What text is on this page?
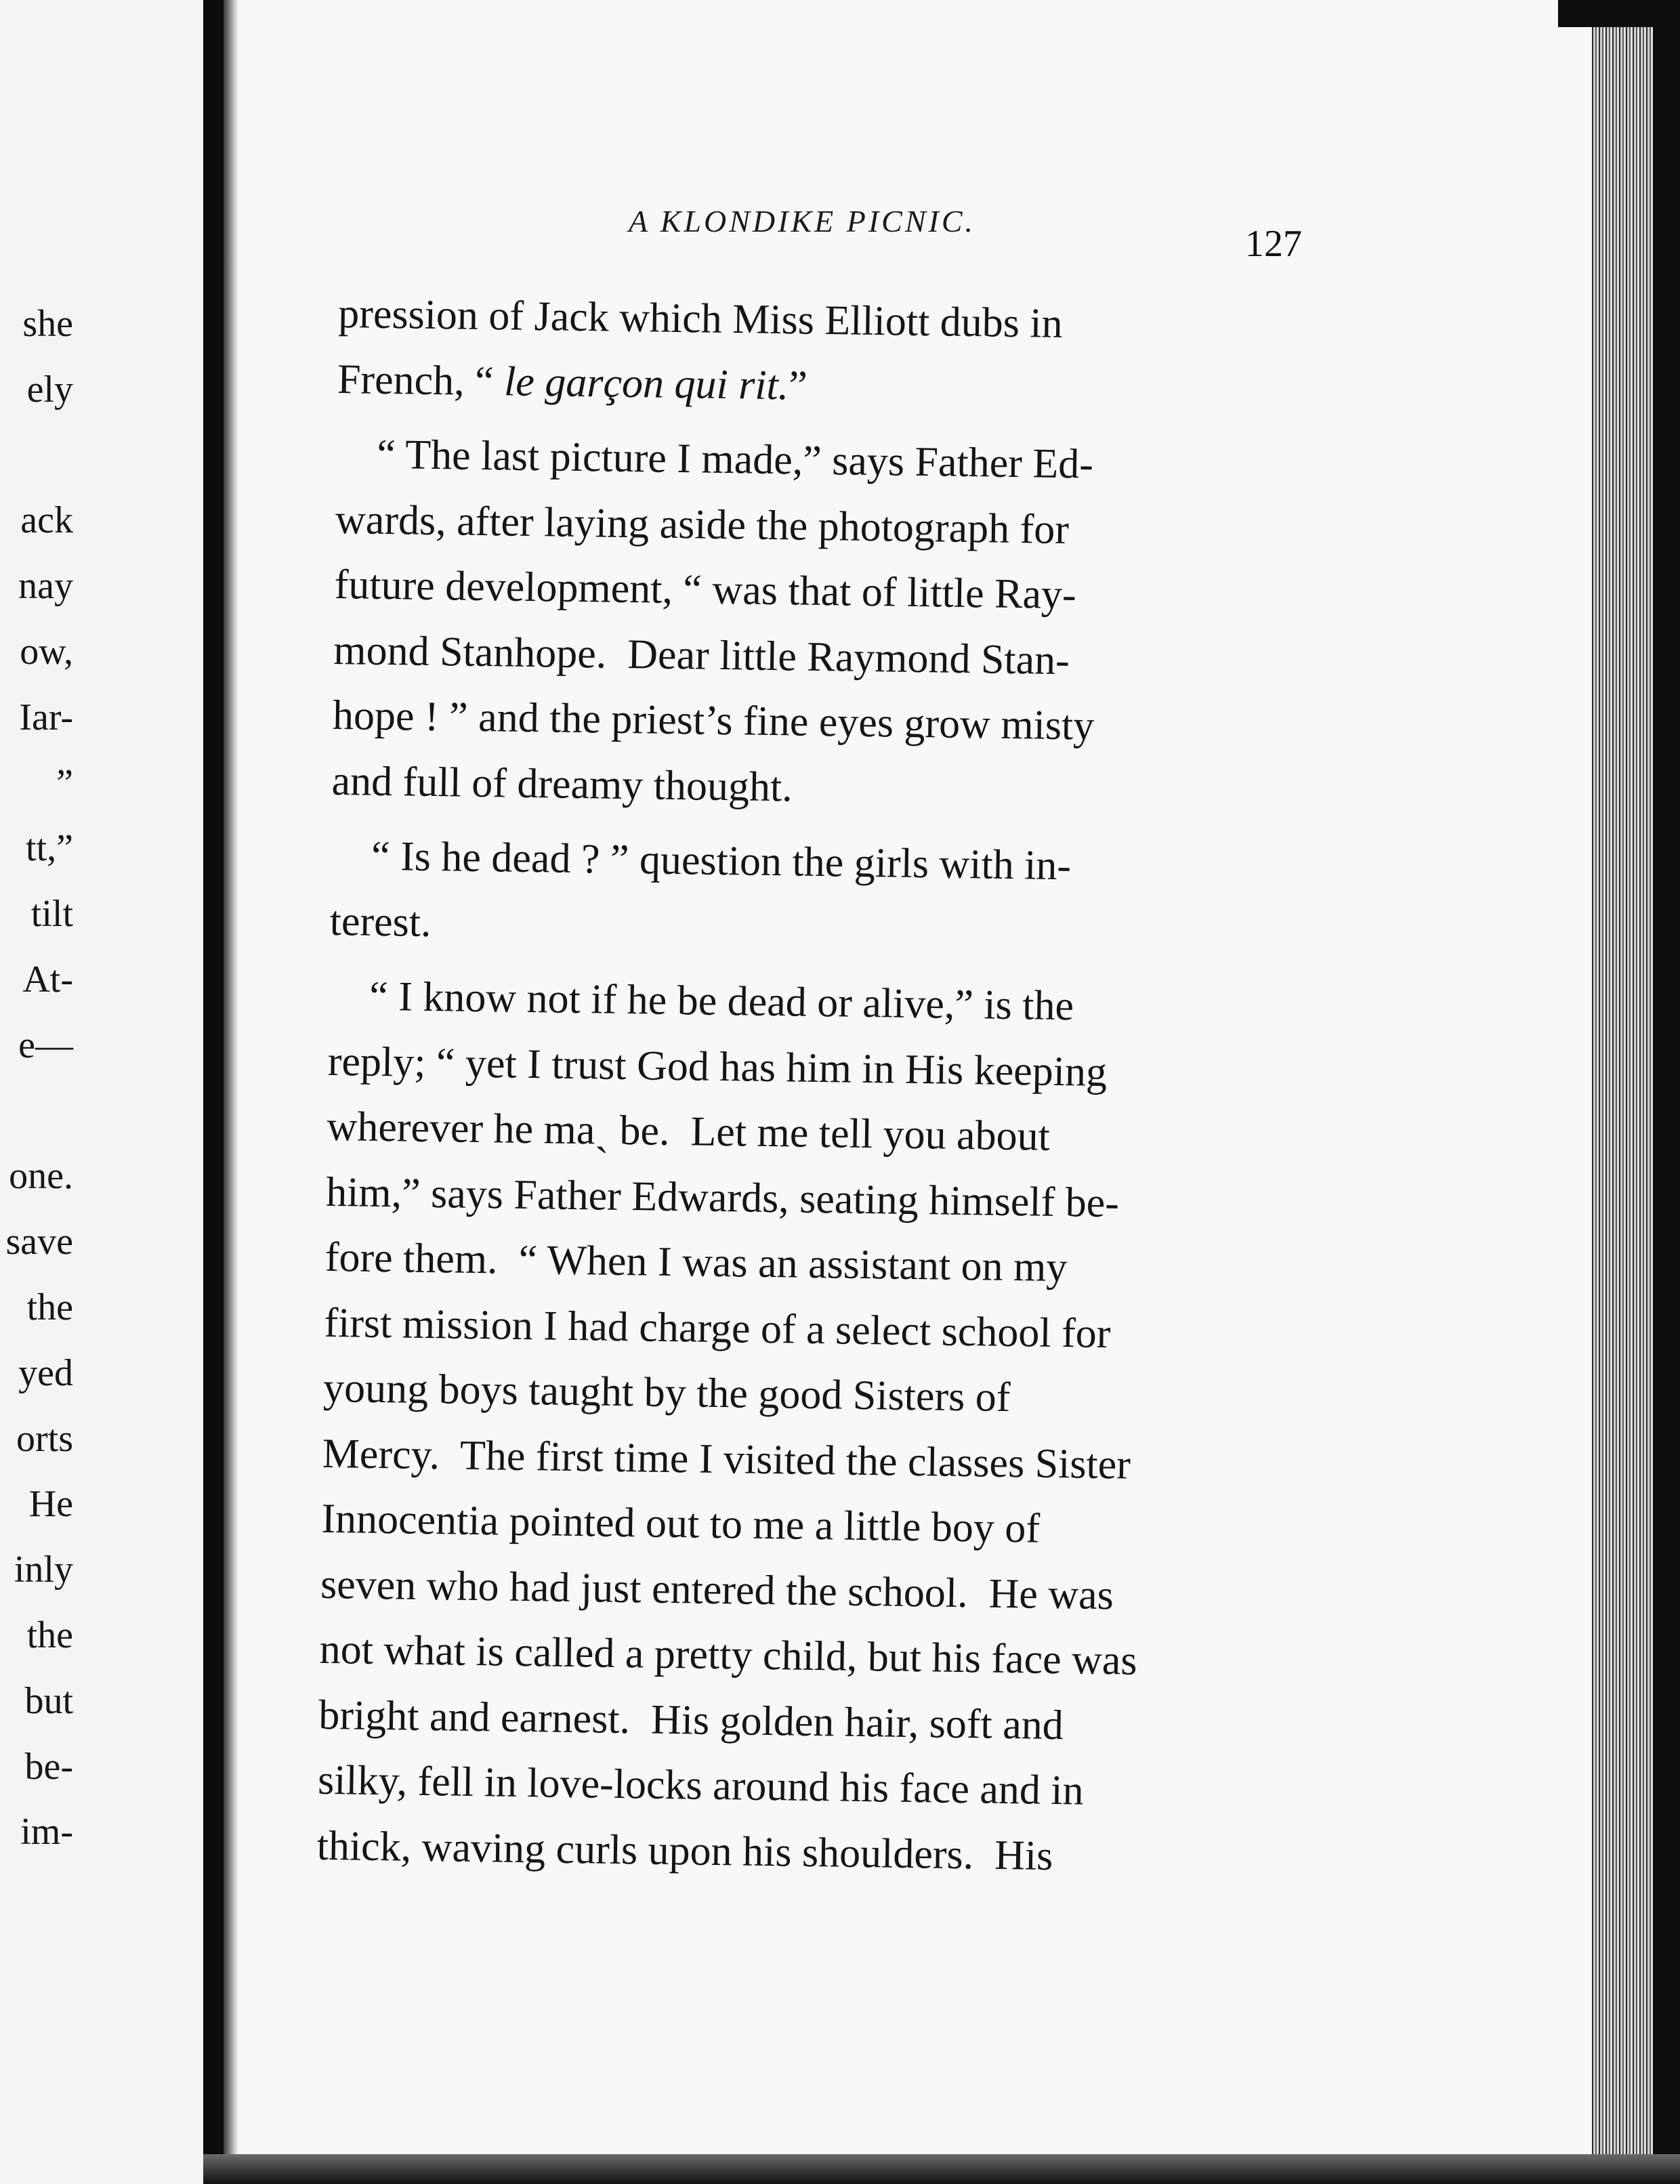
she
ely

ack
nay
ow,
Iar-
”
tt,”
tilt
At-
e—

one.
save
the
yed
orts
He
inly
the
but
be-
im-
A KLONDIKE PICNIC.
127
pression of Jack which Miss Elliott dubs in
French, “ le garçon qui rit.”
“ The last picture I made,” says Father Ed-
wards, after laying aside the photograph for
future development, “ was that of little Ray-
mond Stanhope.  Dear little Raymond Stan-
hope ! ” and the priest’s fine eyes grow misty
and full of dreamy thought.
“ Is he dead ? ” question the girls with in-
terest.
“ I know not if he be dead or alive,” is the
reply; “ yet I trust God has him in His keeping
wherever he maˏ be.  Let me tell you about
him,” says Father Edwards, seating himself be-
fore them.  “ When I was an assistant on my
first mission I had charge of a select school for
young boys taught by the good Sisters of
Mercy.  The first time I visited the classes Sister
Innocentia pointed out to me a little boy of
seven who had just entered the school.  He was
not what is called a pretty child, but his face was
bright and earnest.  His golden hair, soft and
silky, fell in love-locks around his face and in
thick, waving curls upon his shoulders.  His
